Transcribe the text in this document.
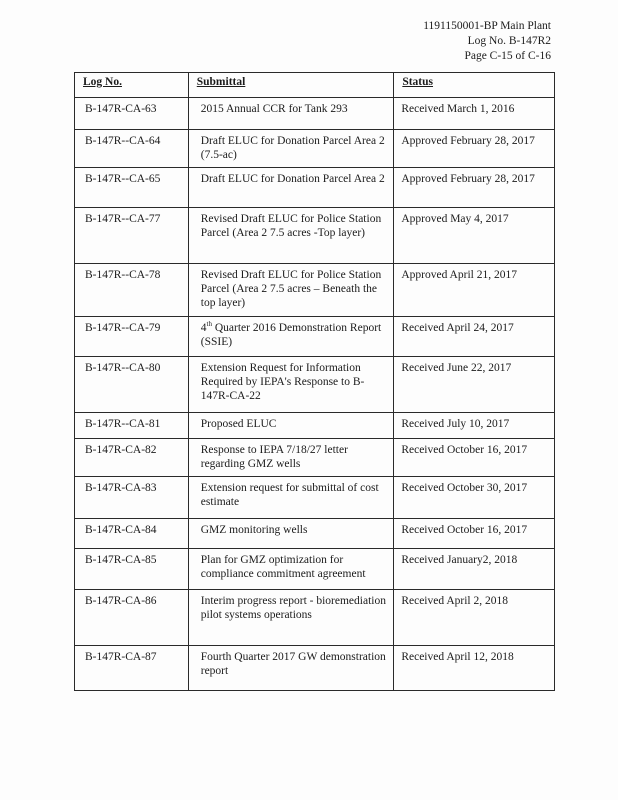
1191150001-BP Main Plant
Log No. B-147R2
Page C-15 of C-16
Log No.	Submittal	Status
B-147R-CA-63	2015 Annual CCR for Tank 293	Received March 1, 2016
B-147R--CA-64	Draft ELUC for Donation Parcel Area 2 (7.5-ac)	Approved February 28, 2017
B-147R--CA-65	Draft ELUC for Donation Parcel Area 2	Approved February 28, 2017
B-147R--CA-77	Revised Draft ELUC for Police Station Parcel (Area 2 7.5 acres -Top layer)	Approved May 4, 2017
B-147R--CA-78	Revised Draft ELUC for Police Station Parcel (Area 2 7.5 acres – Beneath the top layer)	Approved April 21, 2017
B-147R--CA-79	4th Quarter 2016 Demonstration Report (SSIE)	Received April 24, 2017
B-147R--CA-80	Extension Request for Information Required by IEPA's Response to B-147R-CA-22	Received June 22, 2017
B-147R--CA-81	Proposed ELUC	Received July 10, 2017
B-147R-CA-82	Response to IEPA 7/18/27 letter regarding GMZ wells	Received October 16, 2017
B-147R-CA-83	Extension request for submittal of cost estimate	Received October 30, 2017
B-147R-CA-84	GMZ monitoring wells	Received October 16, 2017
B-147R-CA-85	Plan for GMZ optimization for compliance commitment agreement	Received January2, 2018
B-147R-CA-86	Interim progress report - bioremediation pilot systems operations	Received April 2, 2018
B-147R-CA-87	Fourth Quarter 2017 GW demonstration report	Received April 12, 2018
